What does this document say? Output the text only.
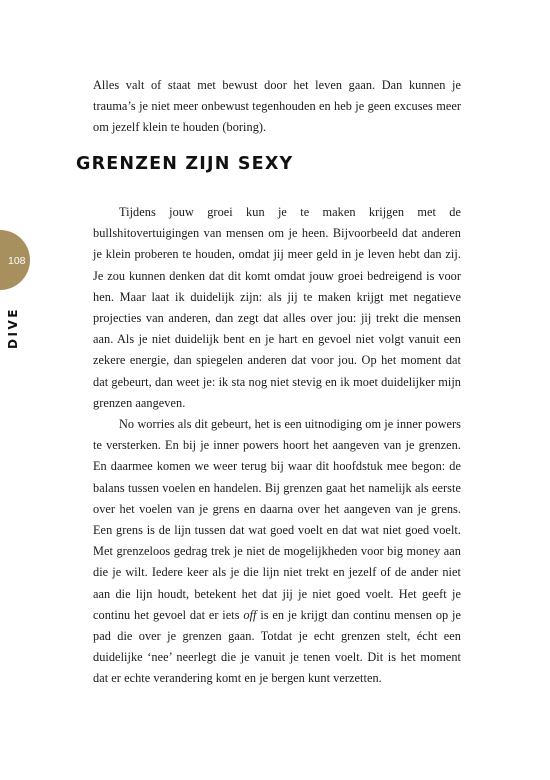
108
DIVE
Alles valt of staat met bewust door het leven gaan. Dan kunnen je trauma’s je niet meer onbewust tegenhouden en heb je geen excuses meer om jezelf klein te houden (boring).
GRENZEN ZIJN SEXY

Tijdens jouw groei kun je te maken krijgen met de bullshitovertuigingen van mensen om je heen. Bijvoorbeeld dat anderen je klein proberen te houden, omdat jij meer geld in je leven hebt dan zij. Je zou kunnen denken dat dit komt omdat jouw groei bedreigend is voor hen. Maar laat ik duidelijk zijn: als jij te maken krijgt met negatieve projecties van anderen, dan zegt dat alles over jou: jij trekt die mensen aan. Als je niet duidelijk bent en je hart en gevoel niet volgt vanuit een zekere energie, dan spiegelen anderen dat voor jou. Op het moment dat dat gebeurt, dan weet je: ik sta nog niet stevig en ik moet duidelijker mijn grenzen aangeven.

No worries als dit gebeurt, het is een uitnodiging om je inner powers te versterken. En bij je inner powers hoort het aangeven van je grenzen. En daarmee komen we weer terug bij waar dit hoofdstuk mee begon: de balans tussen voelen en handelen. Bij grenzen gaat het namelijk als eerste over het voelen van je grens en daarna over het aangeven van je grens. Een grens is de lijn tussen dat wat goed voelt en dat wat niet goed voelt. Met grenzeloos gedrag trek je niet de mogelijkheden voor big money aan die je wilt. Iedere keer als je die lijn niet trekt en jezelf of de ander niet aan die lijn houdt, betekent het dat jij je niet goed voelt. Het geeft je continu het gevoel dat er iets off is en je krijgt dan continu mensen op je pad die over je grenzen gaan. Totdat je echt grenzen stelt, écht een duidelijke ‘nee’ neerlegt die je vanuit je tenen voelt. Dit is het moment dat er echte verandering komt en je bergen kunt verzetten.
